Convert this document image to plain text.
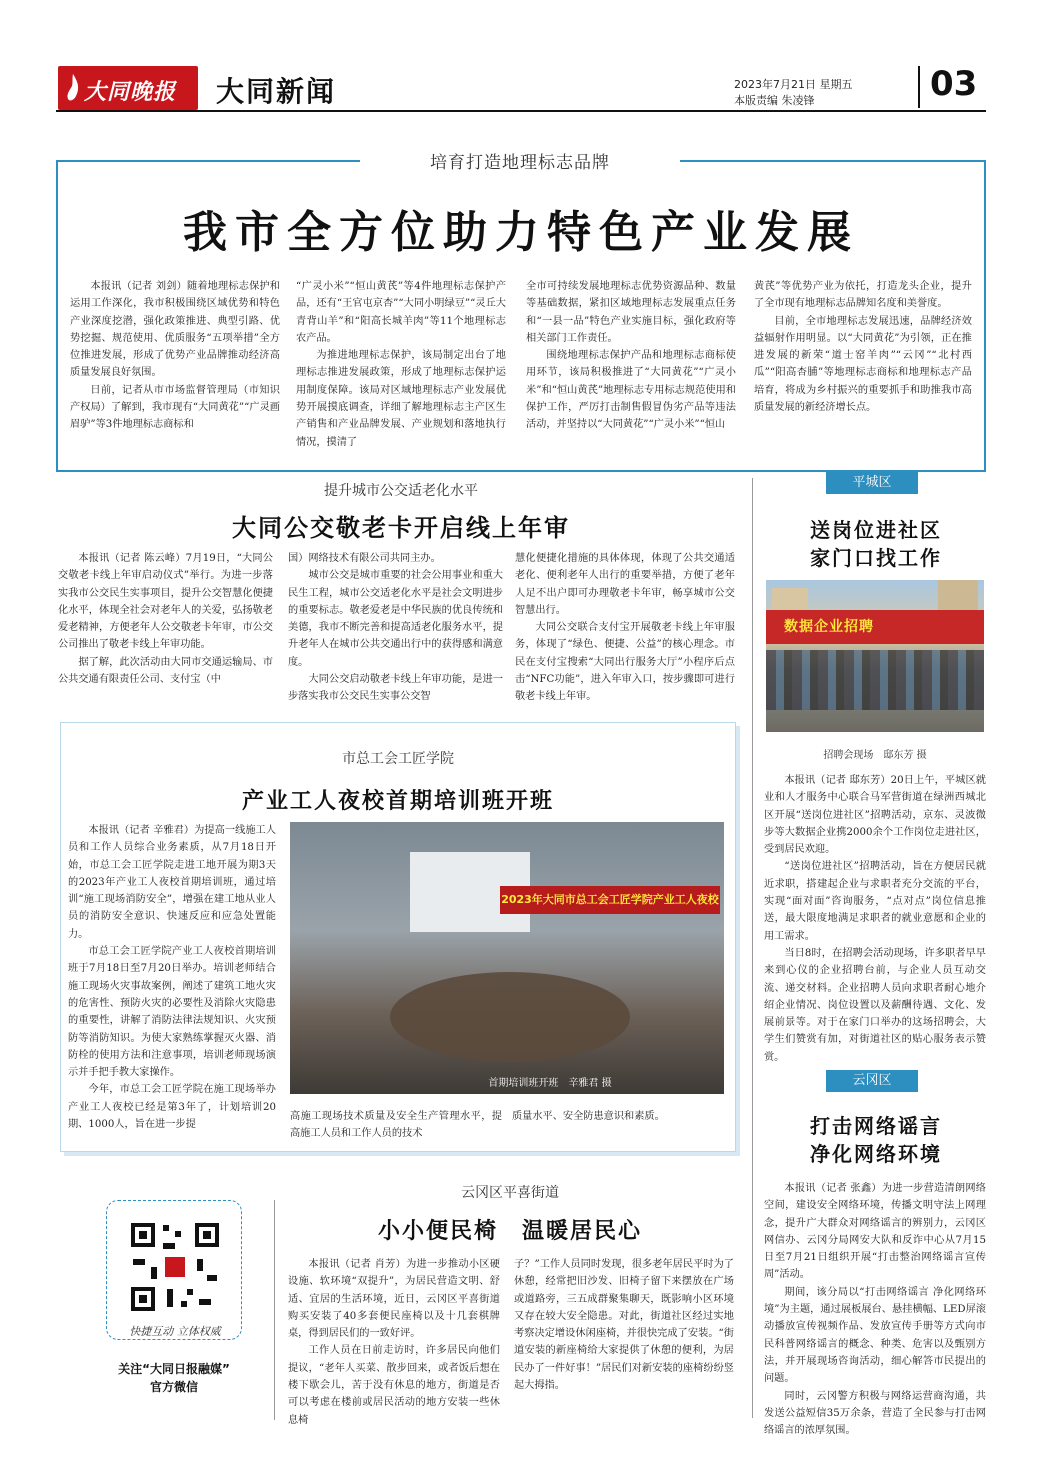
大同晚报 大同新闻	2023年7月21日 星期五
本版责编 朱凌锋	03
培育打造地理标志品牌
我市全方位助力特色产业发展

本报讯（记者 刘剑）随着地理标志保护和运用工作深化，我市积极围绕区域优势和特色产业深度挖潜，强化政策推进、典型引路、优势挖掘、规范使用、优质服务“五项举措”全方位推进发展，形成了优势产业品牌推动经济高质量发展良好氛围。

日前，记者从市市场监督管理局（市知识产权局）了解到，我市现有“大同黄花”“广灵画眉驴”等3件地理标志商标和

“广灵小米”“恒山黄芪”等4件地理标志保护产品，还有“王官屯京杏”“大同小明绿豆”“灵丘大青背山羊”和“阳高长城羊肉”等11个地理标志农产品。

为推进地理标志保护，该局制定出台了地理标志推进发展政策，形成了地理标志保护运用制度保障。该局对区域地理标志产业发展优势开展摸底调查，详细了解地理标志主产区生产销售和产业品牌发展、产业规划和落地执行情况，摸清了

全市可持续发展地理标志优势资源品种、数量等基础数据，紧扣区域地理标志发展重点任务和“一县一品”特色产业实施目标，强化政府等相关部门工作责任。

围绕地理标志保护产品和地理标志商标使用环节，该局积极推进了“大同黄花”“广灵小米”和“恒山黄芪”地理标志专用标志规范使用和保护工作，严厉打击制售假冒伪劣产品等违法活动，并坚持以“大同黄花”“广灵小米”“恒山

黄芪”等优势产业为依托，打造龙头企业，提升了全市现有地理标志品牌知名度和美誉度。

目前，全市地理标志发展迅速，品牌经济效益辐射作用明显。以“大同黄花”为引领，正在推进发展的新荣“道士窑羊肉”“云冈”“北村西瓜”“阳高杏脯”等地理标志商标和地理标志产品培育，将成为乡村振兴的重要抓手和助推我市高质量发展的新经济增长点。

提升城市公交适老化水平
大同公交敬老卡开启线上年审

本报讯（记者 陈云峰）7月19日，“大同公交敬老卡线上年审启动仪式”举行。为进一步落实我市公交民生实事项目，提升公交智慧化便捷化水平，体现全社会对老年人的关爱，弘扬敬老爱老精神，方便老年人公交敬老卡年审，市公交公司推出了敬老卡线上年审功能。

据了解，此次活动由大同市交通运输局、市公共交通有限责任公司、支付宝（中

国）网络技术有限公司共同主办。

城市公交是城市重要的社会公用事业和重大民生工程，城市公交适老化水平是社会文明进步的重要标志。敬老爱老是中华民族的优良传统和美德，我市不断完善和提高适老化服务水平，提升老年人在城市公共交通出行中的获得感和满意度。

大同公交启动敬老卡线上年审功能，是进一步落实我市公交民生实事公交智

慧化便捷化措施的具体体现，体现了公共交通适老化、便利老年人出行的重要举措，方便了老年人足不出户即可办理敬老卡年审，畅享城市公交智慧出行。

大同公交联合支付宝开展敬老卡线上年审服务，体现了“绿色、便捷、公益”的核心理念。市民在支付宝搜索“大同出行服务大厅”小程序后点击“NFC功能”，进入年审入口，按步骤即可进行敬老卡线上年审。

市总工会工匠学院
产业工人夜校首期培训班开班

本报讯（记者 辛雅君）为提高一线施工人员和工作人员综合业务素质，从7月18日开始，市总工会工匠学院走进工地开展为期3天的2023年产业工人夜校首期培训班，通过培训“施工现场消防安全”，增强在建工地从业人员的消防安全意识、快速反应和应急处置能力。

市总工会工匠学院产业工人夜校首期培训班于7月18日至7月20日举办。培训老师结合施工现场火灾事故案例，阐述了建筑工地火灾的危害性、预防火灾的必要性及消除火灾隐患的重要性，讲解了消防法律法规知识、火灾预防等消防知识。为使大家熟练掌握灭火器、消防栓的使用方法和注意事项，培训老师现场演示并手把手教大家操作。

今年，市总工会工匠学院在施工现场举办产业工人夜校已经是第3年了，计划培训20期、1000人，旨在进一步提

2023年大同市总工会工匠学院产业工人夜校
首期培训班开班　辛雅君 摄

高施工现场技术质量及安全生产管理水平，提高施工人员和工作人员的技术

质量水平、安全防患意识和素质。

快捷互动 立体权威
关注“大同日报融媒”
官方微信
云冈区平喜街道
小小便民椅　温暖居民心

本报讯（记者 肖芳）为进一步推动小区硬设施、软环境“双提升”，为居民营造文明、舒适、宜居的生活环境，近日，云冈区平喜街道购买安装了40多套便民座椅以及十几套棋牌桌，得到居民们的一致好评。

工作人员在日前走访时，许多居民向他们提议，“老年人买菜、散步回来，或者饭后想在楼下歇会儿，苦于没有休息的地方，街道是否可以考虑在楼前或居民活动的地方安装一些休息椅

子？”工作人员同时发现，很多老年居民平时为了休憩，经常把旧沙发、旧椅子留下来摆放在广场或道路旁，三五成群聚集聊天，既影响小区环境又存在较大安全隐患。对此，街道社区经过实地考察决定增设休闲座椅，并很快完成了安装。“街道安装的新座椅给大家提供了休憩的便利，为居民办了一件好事！”居民们对新安装的座椅纷纷竖起大拇指。

平城区
送岗位进社区
家门口找工作
数据企业招聘
招聘会现场　邸东芳 摄

本报讯（记者 邸东芳）20日上午，平城区就业和人才服务中心联合马军营街道在绿洲西城北区开展“送岗位进社区”招聘活动，京东、灵波微步等大数据企业携2000余个工作岗位走进社区，受到居民欢迎。

“送岗位进社区”招聘活动，旨在方便居民就近求职，搭建起企业与求职者充分交流的平台，实现“面对面”咨询服务，“点对点”岗位信息推送，最大限度地满足求职者的就业意愿和企业的用工需求。

当日8时，在招聘会活动现场，许多职者早早来到心仪的企业招聘台前，与企业人员互动交流、递交材料。企业招聘人员向求职者耐心地介绍企业情况、岗位设置以及薪酬待遇、文化、发展前景等。对于在家门口举办的这场招聘会，大学生们赞赏有加，对街道社区的贴心服务表示赞赏。

云冈区
打击网络谣言
净化网络环境

本报讯（记者 张鑫）为进一步营造清朗网络空间，建设安全网络环境，传播文明守法上网理念，提升广大群众对网络谣言的辨别力，云冈区网信办、云冈分局网安大队和反诈中心从7月15日至7月21日组织开展“打击整治网络谣言宣传周”活动。

期间，该分局以“打击网络谣言 净化网络环境”为主题，通过展板展台、悬挂横幅、LED屏滚动播放宣传视频作品、发放宣传手册等方式向市民科普网络谣言的概念、种类、危害以及甄别方法，并开展现场咨询活动，细心解答市民提出的问题。

同时，云冈警方积极与网络运营商沟通，共发送公益短信35万余条，营造了全民参与打击网络谣言的浓厚氛围。
